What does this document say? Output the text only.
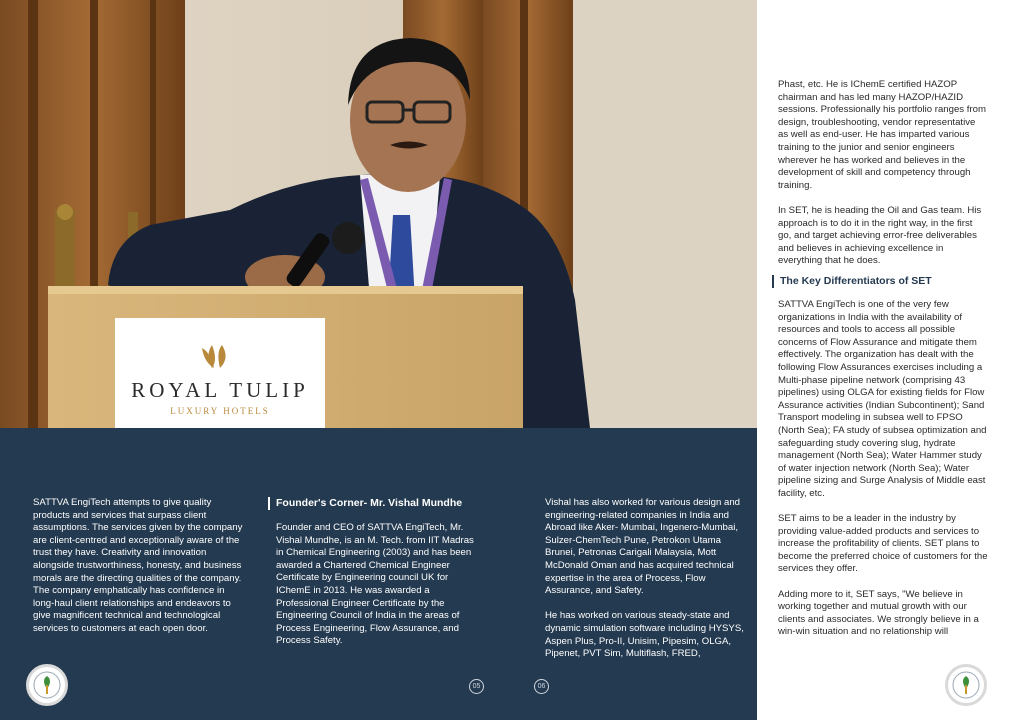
ROYAL TULIP
LUXURY HOTELS

SATTVA EngiTech attempts to give quality products and services that surpass client assumptions. The services given by the company are client-centred and exceptionally aware of the trust they have. Creativity and innovation alongside trustworthiness, honesty, and business morals are the directing qualities of the company. The company emphatically has confidence in long-haul client relationships and endeavors to give magnificent technical and technological services to customers at each open door.

Founder's Corner- Mr. Vishal Mundhe

Founder and CEO of SATTVA EngiTech, Mr. Vishal Mundhe, is an M. Tech. from IIT Madras in Chemical Engineering (2003) and has been awarded a Chartered Chemical Engineer Certificate by Engineering council UK for IChemE in 2013. He was awarded a Professional Engineer Certificate by the Engineering Council of India in the areas of Process Engineering, Flow Assurance, and Process Safety.

Vishal has also worked for various design and engineering-related companies in India and Abroad like Aker- Mumbai, Ingenero-Mumbai, Sulzer-ChemTech Pune, Petrokon Utama Brunei, Petronas Carigali Malaysia, Mott McDonald Oman and has acquired technical expertise in the area of Process, Flow Assurance, and Safety.

He has worked on various steady-state and dynamic simulation software including HYSYS, Aspen Plus, Pro-II, Unisim, Pipesim, OLGA, Pipenet, PVT Sim, Multiflash, FRED,

05	06

Phast, etc. He is IChemE certified HAZOP chairman and has led many HAZOP/HAZID sessions. Professionally his portfolio ranges from design, troubleshooting, vendor representative as well as end-user. He has imparted various training to the junior and senior engineers wherever he has worked and believes in the development of skill and competency through training.

In SET, he is heading the Oil and Gas team. His approach is to do it in the right way, in the first go, and target achieving error-free deliverables and believes in achieving excellence in everything that he does.

The Key Differentiators of SET

SATTVA EngiTech is one of the very few organizations in India with the availability of resources and tools to access all possible concerns of Flow Assurance and mitigate them effectively. The organization has dealt with the following Flow Assurances exercises including a Multi-phase pipeline network (comprising 43 pipelines) using OLGA for existing fields for Flow Assurance activities (Indian Subcontinent); Sand Transport modeling in subsea well to FPSO (North Sea); FA study of subsea optimization and safeguarding study covering slug, hydrate management (North Sea); Water Hammer study of water injection network (North Sea); Water pipeline sizing and Surge Analysis of Middle east facility, etc.

SET aims to be a leader in the industry by providing value-added products and services to increase the profitability of clients. SET plans to become the preferred choice of customers for the services they offer.

Adding more to it, SET says, "We believe in working together and mutual growth with our clients and associates. We strongly believe in a win-win situation and no relationship will
